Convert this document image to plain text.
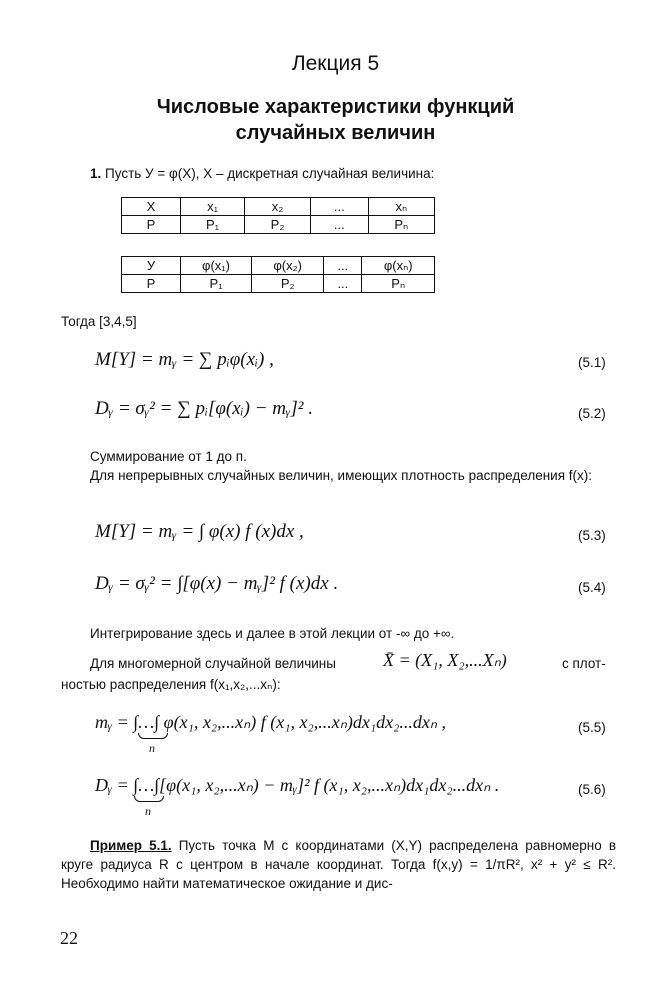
Лекция 5
Числовые характеристики функций
случайных величин
1. Пусть У = φ(Х), Х – дискретная случайная величина:
Х	x₁	x₂	...	xₙ
Р	P₁	P₂	...	Pₙ
У	φ(x₁)	φ(x₂)	...	φ(xₙ)
Р	P₁	P₂	...	Pₙ
Тогда [3,4,5]
M[Y] = mᵧ = ∑ pᵢφ(xᵢ) ,	(5.1)
Dᵧ = σᵧ² = ∑ pᵢ[φ(xᵢ) − mᵧ]² .	(5.2)
Суммирование от 1 до п.
Для непрерывных случайных величин, имеющих плотность распределения f(x):
M[Y] = mᵧ = ∫ φ(x) f (x)dx ,	(5.3)
Dᵧ = σᵧ² = ∫[φ(x) − mᵧ]² f (x)dx .	(5.4)
Интегрирование здесь и далее в этой лекции от -∞ до +∞.
Для многомерной случайной величины	X̄ = (X₁, X₂,...Xₙ)	с плот-
ностью распределения f(x₁,x₂,...xₙ):
mᵧ = ∫…∫ φ(x₁, x₂,...xₙ) f (x₁, x₂,...xₙ)dx₁dx₂...dxₙ ,
n
(5.5)
Dᵧ = ∫…∫[φ(x₁, x₂,...xₙ) − mᵧ]² f (x₁, x₂,...xₙ)dx₁dx₂...dxₙ .
n
(5.6)
Пример 5.1. Пусть точка М с координатами (Х,Y) распределена равномерно в круге радиуса R с центром в начале координат. Тогда f(x,y) = 1/πR², x² + y² ≤ R². Необходимо найти математическое ожидание и дис-
22
